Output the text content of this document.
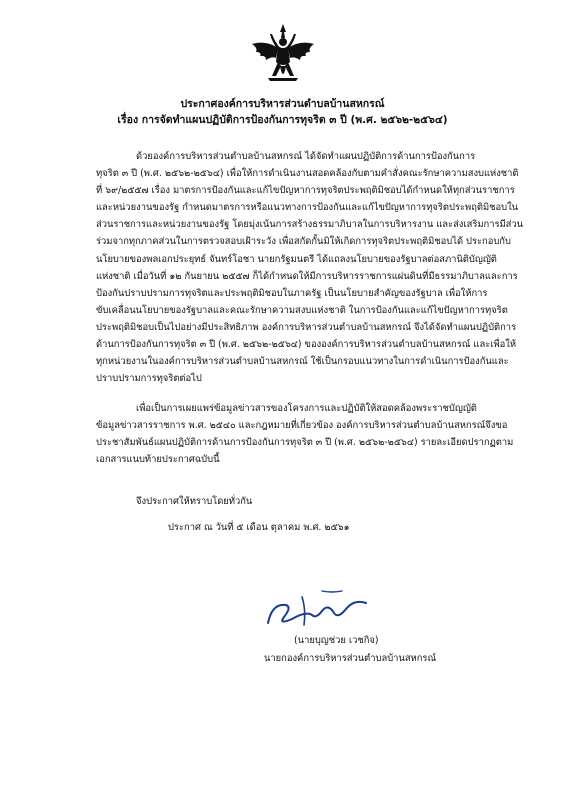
ประกาศองค์การบริหารส่วนตำบลบ้านสหกรณ์
เรื่อง การจัดทำแผนปฏิบัติการป้องกันการทุจริต ๓ ปี (พ.ศ. ๒๕๖๒-๒๕๖๔)
ด้วยองค์การบริหารส่วนตำบลบ้านสหกรณ์ ได้จัดทำแผนปฏิบัติการด้านการป้องกันการ
ทุจริต ๓ ปี (พ.ศ. ๒๕๖๒-๒๕๖๔) เพื่อให้การดำเนินงานสอดคล้องกับตามคำสั่งคณะรักษาความสงบแห่งชาติ
ที่ ๖๙/๒๕๕๗ เรื่อง มาตรการป้องกันและแก้ไขปัญหาการทุจริตประพฤติมิชอบได้กำหนดให้ทุกส่วนราชการ
และหน่วยงานของรัฐ กำหนดมาตรการหรือแนวทางการป้องกันและแก้ไขปัญหาการทุจริตประพฤติมิชอบใน
ส่วนราชการและหน่วยงานของรัฐ โดยมุ่งเน้นการสร้างธรรมาภิบาลในการบริหารงาน และส่งเสริมการมีส่วน
ร่วมจากทุกภาคส่วนในการตรวจสอบเฝ้าระวัง เพื่อสกัดกั้นมิให้เกิดการทุจริตประพฤติมิชอบได้ ประกอบกับ
นโยบายของพลเอกประยุทธ์ จันทร์โอชา นายกรัฐมนตรี ได้แถลงนโยบายของรัฐบาลต่อสภานิติบัญญัติ
แห่งชาติ เมื่อวันที่ ๑๒ กันยายน ๒๕๕๗ ก็ได้กำหนดให้มีการบริหารราชการแผ่นดินที่มีธรรมาภิบาลและการ
ป้องกันปราบปรามการทุจริตและประพฤติมิชอบในภาครัฐ เป็นนโยบายสำคัญของรัฐบาล เพื่อให้การ
ขับเคลื่อนนโยบายของรัฐบาลและคณะรักษาความสงบแห่งชาติ ในการป้องกันและแก้ไขปัญหาการทุจริต
ประพฤติมิชอบเป็นไปอย่างมีประสิทธิภาพ องค์การบริหารส่วนตำบลบ้านสหกรณ์ จึงได้จัดทำแผนปฏิบัติการ
ด้านการป้องกันการทุจริต ๓ ปี (พ.ศ. ๒๕๖๒-๒๕๖๔) ขององค์การบริหารส่วนตำบลบ้านสหกรณ์ และเพื่อให้
ทุกหน่วยงานในองค์การบริหารส่วนตำบลบ้านสหกรณ์ ใช้เป็นกรอบแนวทางในการดำเนินการป้องกันและ
ปราบปรามการทุจริตต่อไป
เพื่อเป็นการเผยแพร่ข้อมูลข่าวสารของโครงการและปฏิบัติให้สอดคล้องพระราชบัญญัติ
ข้อมูลข่าวสารราชการ พ.ศ. ๒๕๔๐ และกฎหมายที่เกี่ยวข้อง องค์การบริหารส่วนตำบลบ้านสหกรณ์จึงขอ
ประชาสัมพันธ์แผนปฏิบัติการด้านการป้องกันการทุจริต ๓ ปี (พ.ศ. ๒๕๖๒-๒๕๖๔) รายละเอียดปรากฏตาม
เอกสารแนบท้ายประกาศฉบับนี้
จึงประกาศให้ทราบโดยทั่วกัน
ประกาศ ณ วันที่ ๕ เดือน ตุลาคม พ.ศ. ๒๕๖๑
(นายบุญช่วย เวชกิจ)
นายกองค์การบริหารส่วนตำบลบ้านสหกรณ์
